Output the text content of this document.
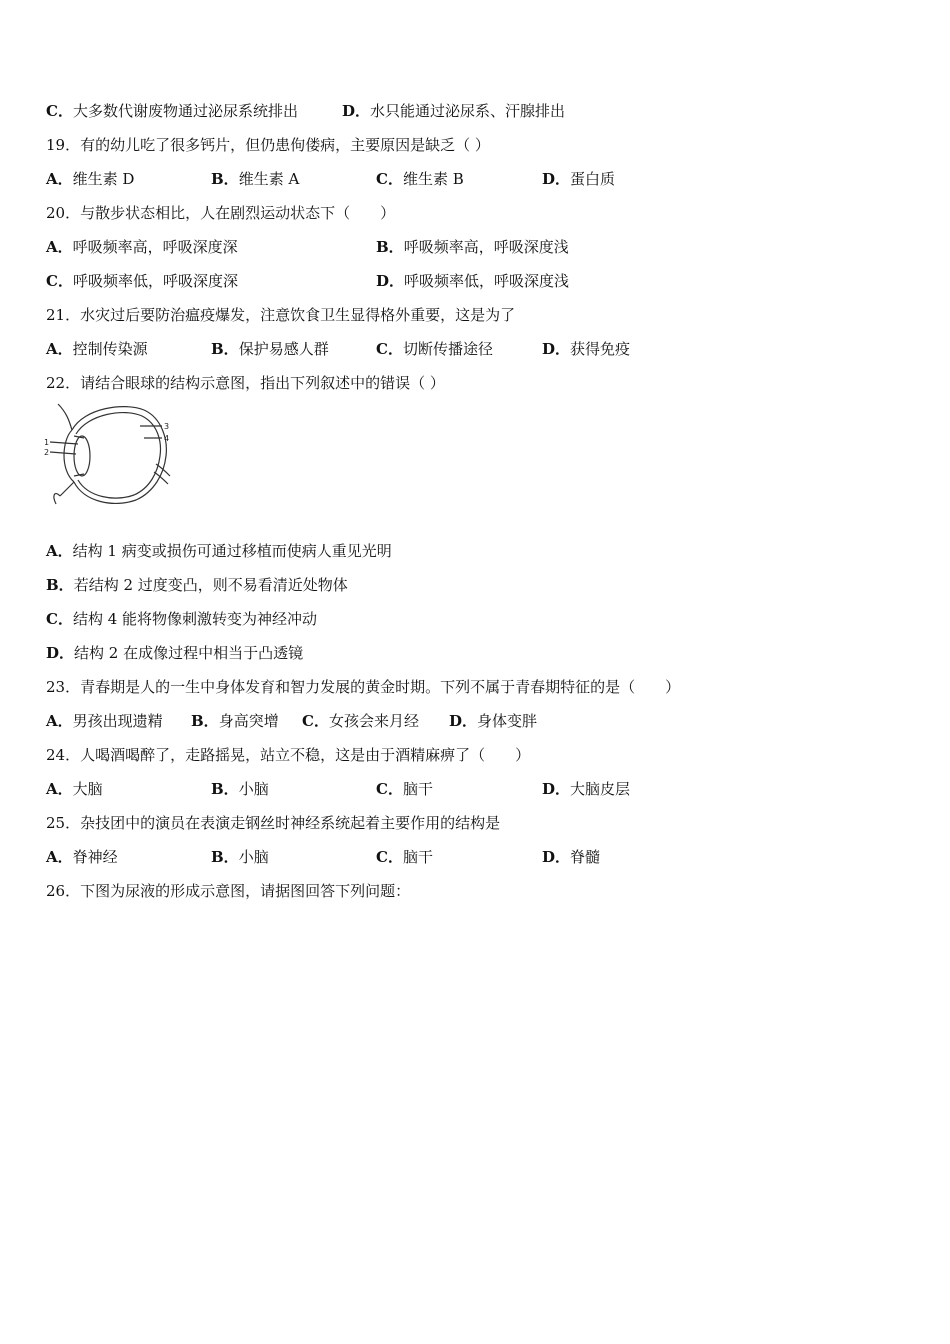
C．大多数代谢废物通过泌尿系统排出	D．水只能通过泌尿系、汗腺排出
19．有的幼儿吃了很多钙片，但仍患佝偻病，主要原因是缺乏（ ）
A．维生素 D	B．维生素 A	C．维生素 B	D．蛋白质
20．与散步状态相比，人在剧烈运动状态下（　　）
A．呼吸频率高，呼吸深度深	B．呼吸频率高，呼吸深度浅
C．呼吸频率低，呼吸深度深	D．呼吸频率低，呼吸深度浅
21．水灾过后要防治瘟疫爆发，注意饮食卫生显得格外重要，这是为了
A．控制传染源	B．保护易感人群	C．切断传播途径	D．获得免疫
22．请结合眼球的结构示意图，指出下列叙述中的错误（ ）
1
2
3
4
A．结构 1 病变或损伤可通过移植而使病人重见光明
B．若结构 2 过度变凸，则不易看清近处物体
C．结构 4 能将物像刺激转变为神经冲动
D．结构 2 在成像过程中相当于凸透镜
23．青春期是人的一生中身体发育和智力发展的黄金时期。下列不属于青春期特征的是（　　）
A．男孩出现遗精 B．身高突增 C．女孩会来月经 D．身体变胖
24．人喝酒喝醉了，走路摇晃，站立不稳，这是由于酒精麻痹了（　　）
A．大脑	B．小脑	C．脑干	D．大脑皮层
25．杂技团中的演员在表演走钢丝时神经系统起着主要作用的结构是
A．脊神经	B．小脑	C．脑干	D．脊髓
26．下图为尿液的形成示意图，请据图回答下列问题：
